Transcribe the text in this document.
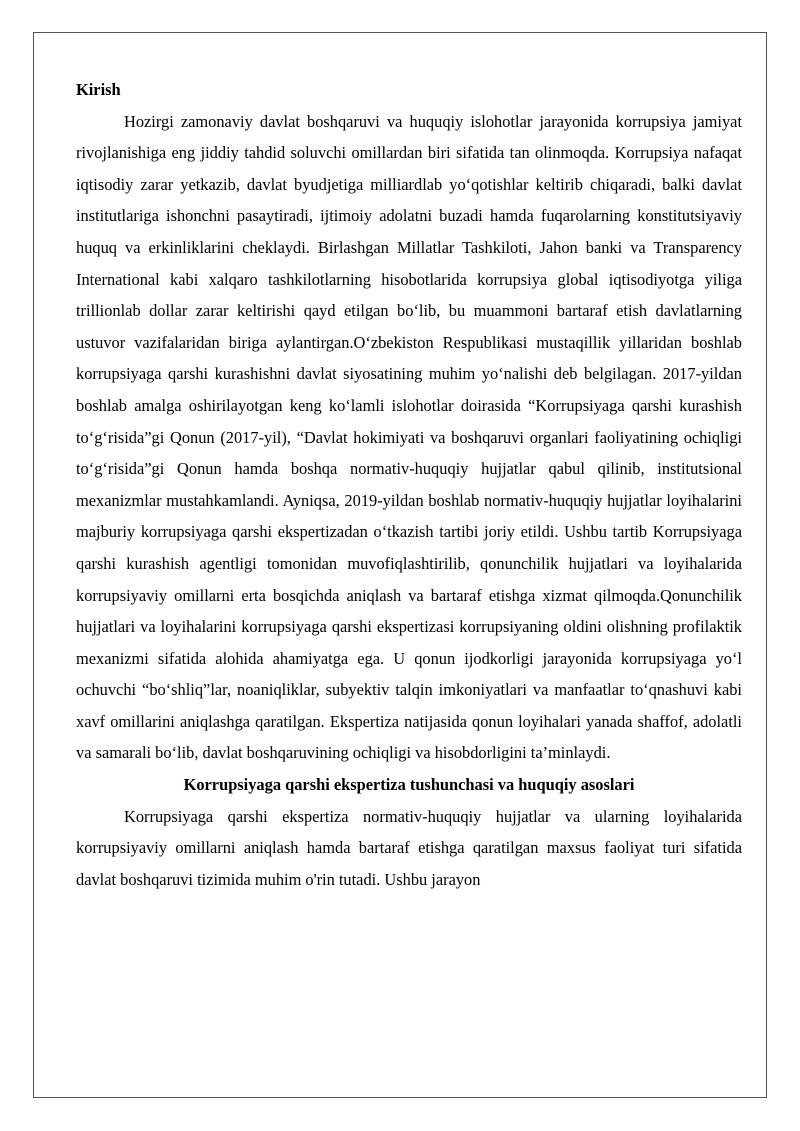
Kirish

Hozirgi zamonaviy davlat boshqaruvi va huquqiy islohotlar jarayonida korrupsiya jamiyat rivojlanishiga eng jiddiy tahdid soluvchi omillardan biri sifatida tan olinmoqda. Korrupsiya nafaqat iqtisodiy zarar yetkazib, davlat byudjetiga milliardlab yo‘qotishlar keltirib chiqaradi, balki davlat institutlariga ishonchni pasaytiradi, ijtimoiy adolatni buzadi hamda fuqarolarning konstitutsiyaviy huquq va erkinliklarini cheklaydi. Birlashgan Millatlar Tashkiloti, Jahon banki va Transparency International kabi xalqaro tashkilotlarning hisobotlarida korrupsiya global iqtisodiyotga yiliga trillionlab dollar zarar keltirishi qayd etilgan bo‘lib, bu muammoni bartaraf etish davlatlarning ustuvor vazifalaridan biriga aylantirgan.O‘zbekiston Respublikasi mustaqillik yillaridan boshlab korrupsiyaga qarshi kurashishni davlat siyosatining muhim yo‘nalishi deb belgilagan. 2017-yildan boshlab amalga oshirilayotgan keng ko‘lamli islohotlar doirasida “Korrupsiyaga qarshi kurashish to‘g‘risida”gi Qonun (2017-yil), “Davlat hokimiyati va boshqaruvi organlari faoliyatining ochiqligi to‘g‘risida”gi Qonun hamda boshqa normativ-huquqiy hujjatlar qabul qilinib, institutsional mexanizmlar mustahkamlandi. Ayniqsa, 2019-yildan boshlab normativ-huquqiy hujjatlar loyihalarini majburiy korrupsiyaga qarshi ekspertizadan o‘tkazish tartibi joriy etildi. Ushbu tartib Korrupsiyaga qarshi kurashish agentligi tomonidan muvofiqlashtirilib, qonunchilik hujjatlari va loyihalarida korrupsiyaviy omillarni erta bosqichda aniqlash va bartaraf etishga xizmat qilmoqda.Qonunchilik hujjatlari va loyihalarini korrupsiyaga qarshi ekspertizasi korrupsiyaning oldini olishning profilaktik mexanizmi sifatida alohida ahamiyatga ega. U qonun ijodkorligi jarayonida korrupsiyaga yo‘l ochuvchi “bo‘shliq”lar, noaniqliklar, subyektiv talqin imkoniyatlari va manfaatlar to‘qnashuvi kabi xavf omillarini aniqlashga qaratilgan. Ekspertiza natijasida qonun loyihalari yanada shaffof, adolatli va samarali bo‘lib, davlat boshqaruvining ochiqligi va hisobdorligini ta’minlaydi.

Korrupsiyaga qarshi ekspertiza tushunchasi va huquqiy asoslari

Korrupsiyaga qarshi ekspertiza normativ-huquqiy hujjatlar va ularning loyihalarida korrupsiyaviy omillarni aniqlash hamda bartaraf etishga qaratilgan maxsus faoliyat turi sifatida davlat boshqaruvi tizimida muhim o'rin tutadi. Ushbu jarayon
